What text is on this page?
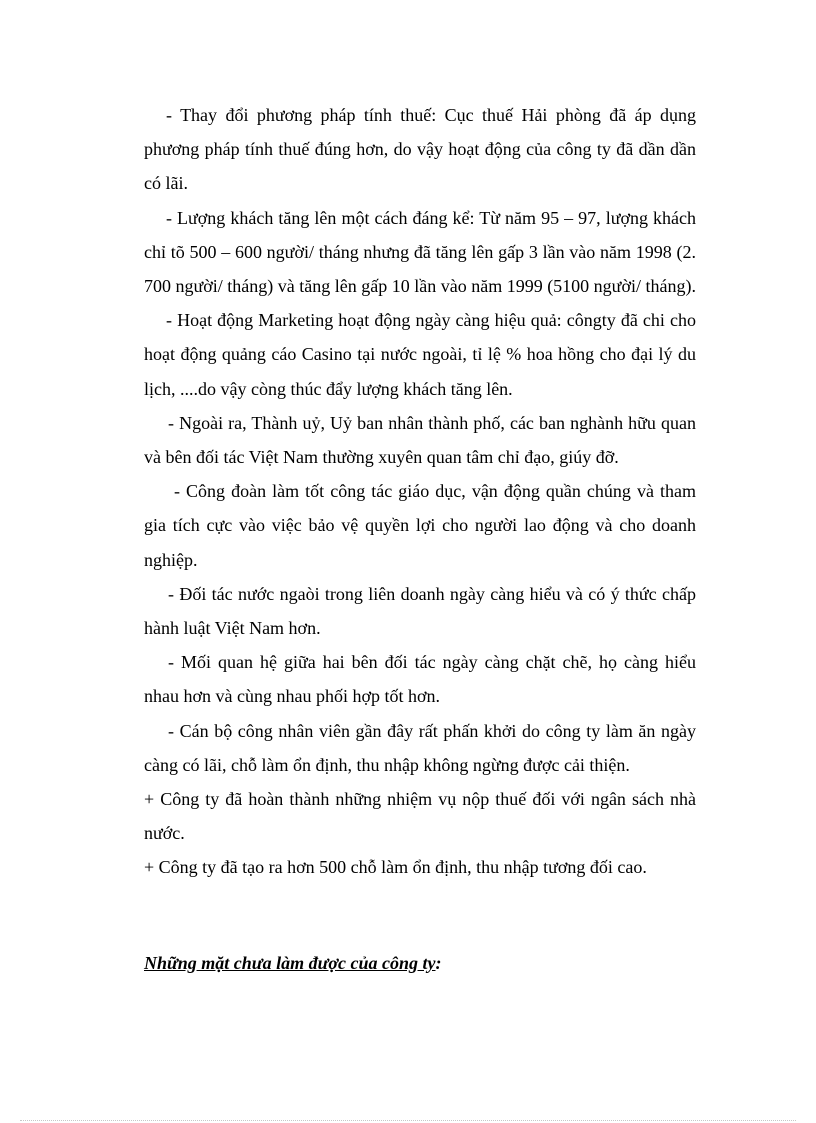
- Thay đổi phương pháp tính thuế: Cục thuế Hải phòng đã áp dụng phương pháp tính thuế đúng hơn, do vậy hoạt động của công ty đã dần dần có lãi.

- Lượng khách tăng lên một cách đáng kể: Từ năm 95 – 97, lượng khách chỉ tõ 500 – 600 người/ tháng nhưng đã tăng lên gấp 3 lần vào năm 1998 (2. 700 người/ tháng) và tăng lên gấp 10 lần vào năm 1999 (5100 người/ tháng).

- Hoạt động Marketing hoạt động ngày càng hiệu quả: côngty đã chi cho hoạt động quảng cáo Casino tại nước ngoài, tỉ lệ % hoa hồng cho đại lý du lịch, ....do vậy còng thúc đẩy lượng khách tăng lên.

- Ngoài ra, Thành uỷ, Uỷ ban nhân thành phố, các ban nghành hữu quan và bên đối tác Việt Nam thường xuyên quan tâm chỉ đạo, giúy đỡ.

- Công đoàn làm tốt công tác giáo dục, vận động quần chúng và tham gia tích cực vào việc bảo vệ quyền lợi cho người lao động và cho doanh nghiệp.

- Đối tác nước ngaòi trong liên doanh ngày càng hiểu và có ý thức chấp hành luật Việt Nam hơn.

- Mối quan hệ giữa hai bên đối tác ngày càng chặt chẽ, họ càng hiểu nhau hơn và cùng nhau phối hợp tốt hơn.

- Cán bộ công nhân viên gần đây rất phấn khởi do công ty làm ăn ngày càng có lãi, chỗ làm ổn định, thu nhập không ngừng được cải thiện.

+ Công ty đã hoàn thành những nhiệm vụ nộp thuế đối với ngân sách nhà nước.

+ Công ty đã tạo ra hơn 500 chỗ làm ổn định, thu nhập tương đối cao.

Những mặt chưa làm được của công ty:
